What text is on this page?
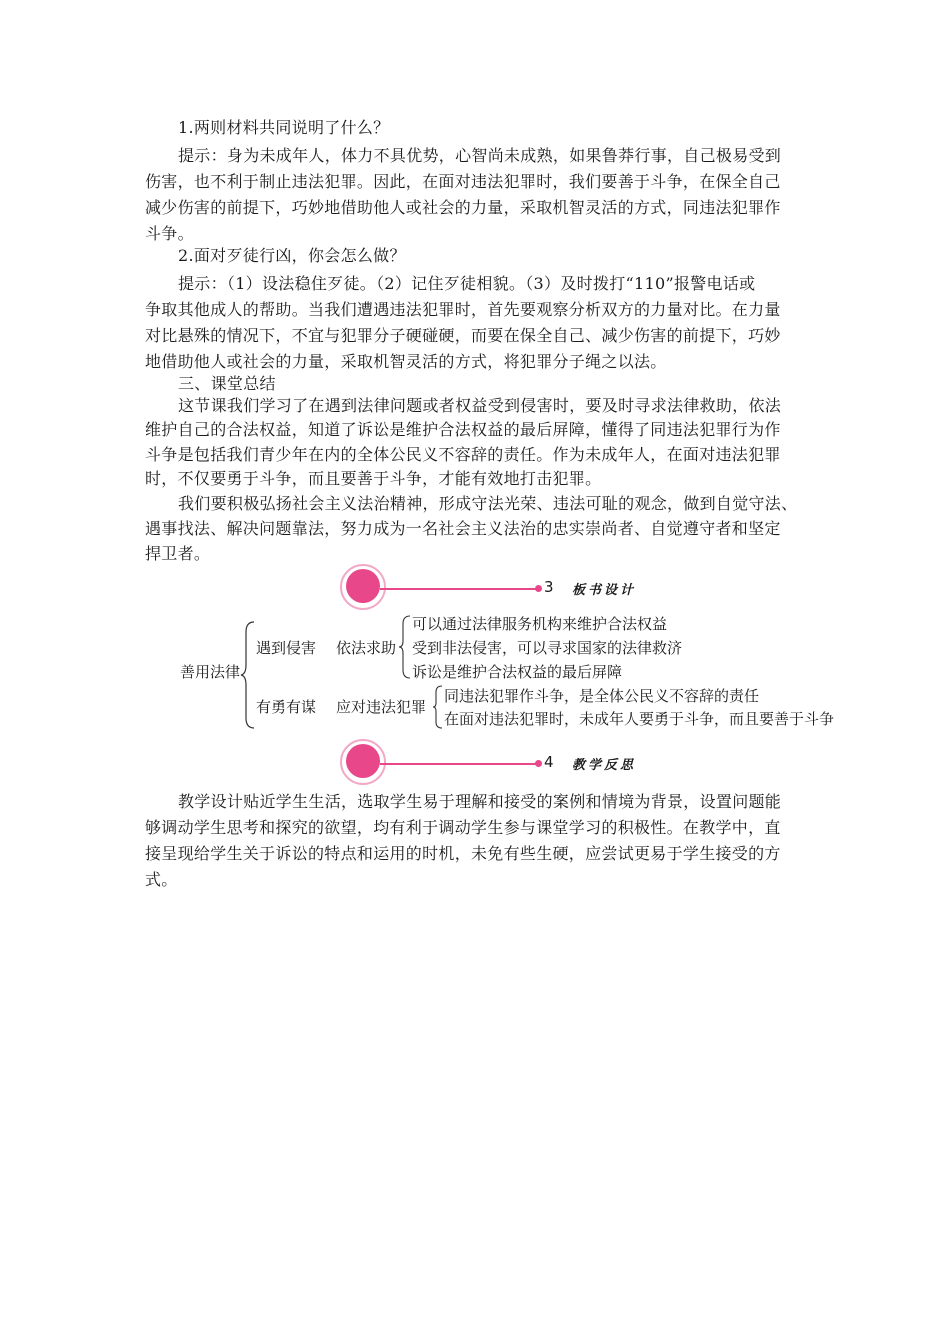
1.两则材料共同说明了什么？
提示：身为未成年人，体力不具优势，心智尚未成熟，如果鲁莽行事，自己极易受到
伤害，也不利于制止违法犯罪。因此，在面对违法犯罪时，我们要善于斗争，在保全自己
减少伤害的前提下，巧妙地借助他人或社会的力量，采取机智灵活的方式，同违法犯罪作
斗争。
2.面对歹徒行凶，你会怎么做？
提示：（1）设法稳住歹徒。（2）记住歹徒相貌。（3）及时拨打“110”报警电话或
争取其他成人的帮助。当我们遭遇违法犯罪时，首先要观察分析双方的力量对比。在力量
对比悬殊的情况下，不宜与犯罪分子硬碰硬，而要在保全自己、减少伤害的前提下，巧妙
地借助他人或社会的力量，采取机智灵活的方式，将犯罪分子绳之以法。
三、课堂总结
这节课我们学习了在遇到法律问题或者权益受到侵害时，要及时寻求法律救助，依法
维护自己的合法权益，知道了诉讼是维护合法权益的最后屏障，懂得了同违法犯罪行为作
斗争是包括我们青少年在内的全体公民义不容辞的责任。作为未成年人，在面对违法犯罪
时，不仅要勇于斗争，而且要善于斗争，才能有效地打击犯罪。
我们要积极弘扬社会主义法治精神，形成守法光荣、违法可耻的观念，做到自觉守法、
遇事找法、解决问题靠法，努力成为一名社会主义法治的忠实崇尚者、自觉遵守者和坚定
捍卫者。
3 板书设计
善用法律
遇到侵害 依法求助
可以通过法律服务机构来维护合法权益
受到非法侵害，可以寻求国家的法律救济
诉讼是维护合法权益的最后屏障
有勇有谋 应对违法犯罪
同违法犯罪作斗争，是全体公民义不容辞的责任
在面对违法犯罪时，未成年人要勇于斗争，而且要善于斗争
4 教学反思
教学设计贴近学生生活，选取学生易于理解和接受的案例和情境为背景，设置问题能
够调动学生思考和探究的欲望，均有利于调动学生参与课堂学习的积极性。在教学中，直
接呈现给学生关于诉讼的特点和运用的时机，未免有些生硬，应尝试更易于学生接受的方
式。
